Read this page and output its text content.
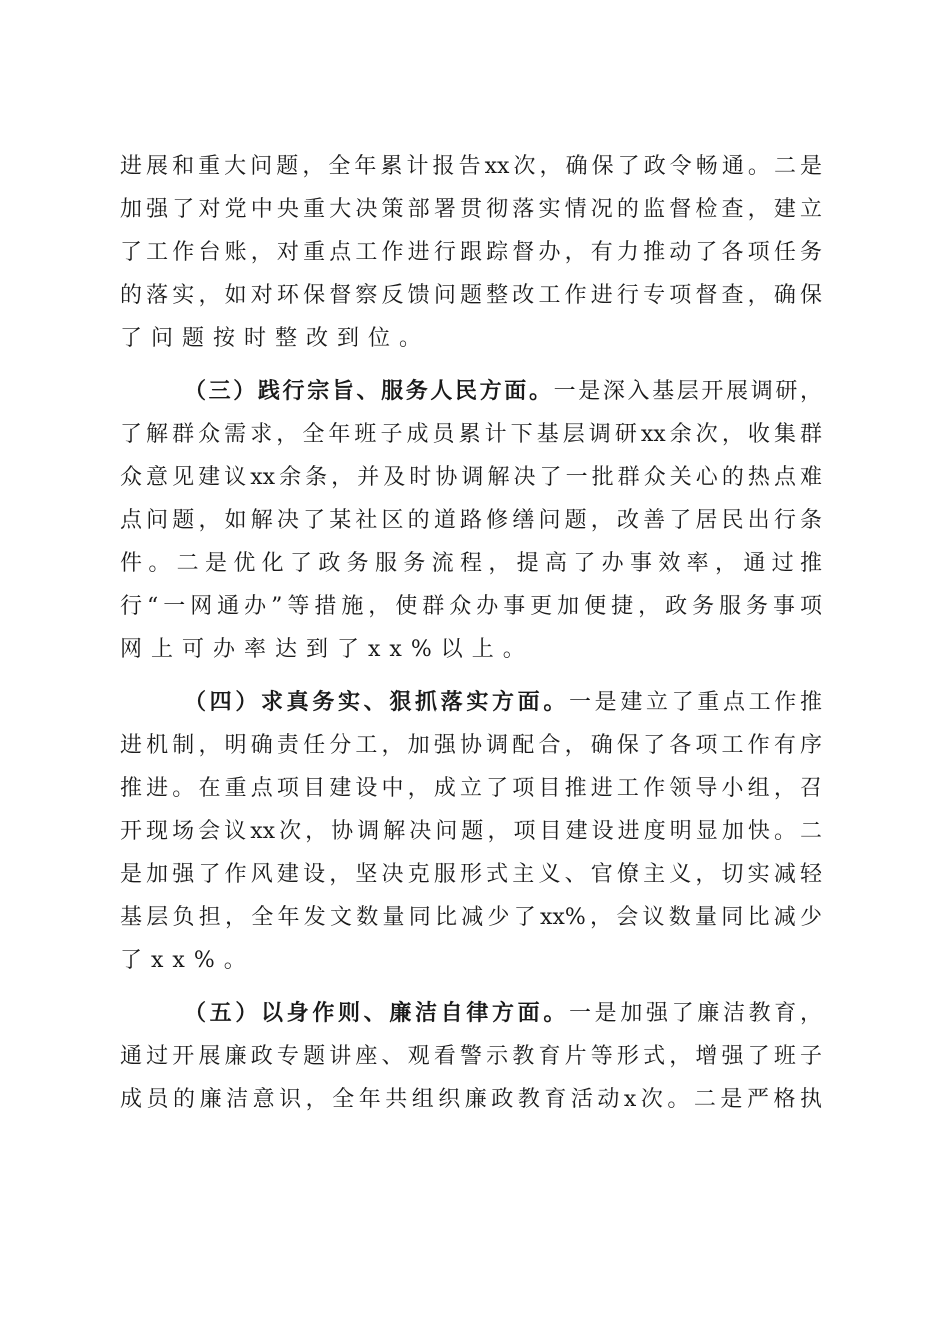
进展和重大问题，全年累计报告xx次，确保了政令畅通。二是
加强了对党中央重大决策部署贯彻落实情况的监督检查，建立
了工作台账，对重点工作进行跟踪督办，有力推动了各项任务
的落实，如对环保督察反馈问题整改工作进行专项督查，确保
了问题按时整改到位。
（三）践行宗旨、服务人民方面。一是深入基层开展调研，
了解群众需求，全年班子成员累计下基层调研xx余次，收集群
众意见建议xx余条，并及时协调解决了一批群众关心的热点难
点问题，如解决了某社区的道路修缮问题，改善了居民出行条
件。二是优化了政务服务流程，提高了办事效率，通过推
行“一网通办”等措施，使群众办事更加便捷，政务服务事项
网上可办率达到了xx%以上。
（四）求真务实、狠抓落实方面。一是建立了重点工作推
进机制，明确责任分工，加强协调配合，确保了各项工作有序
推进。在重点项目建设中，成立了项目推进工作领导小组，召
开现场会议xx次，协调解决问题，项目建设进度明显加快。二
是加强了作风建设，坚决克服形式主义、官僚主义，切实减轻
基层负担，全年发文数量同比减少了xx%，会议数量同比减少
了xx%。
（五）以身作则、廉洁自律方面。一是加强了廉洁教育，
通过开展廉政专题讲座、观看警示教育片等形式，增强了班子
成员的廉洁意识，全年共组织廉政教育活动x次。二是严格执
